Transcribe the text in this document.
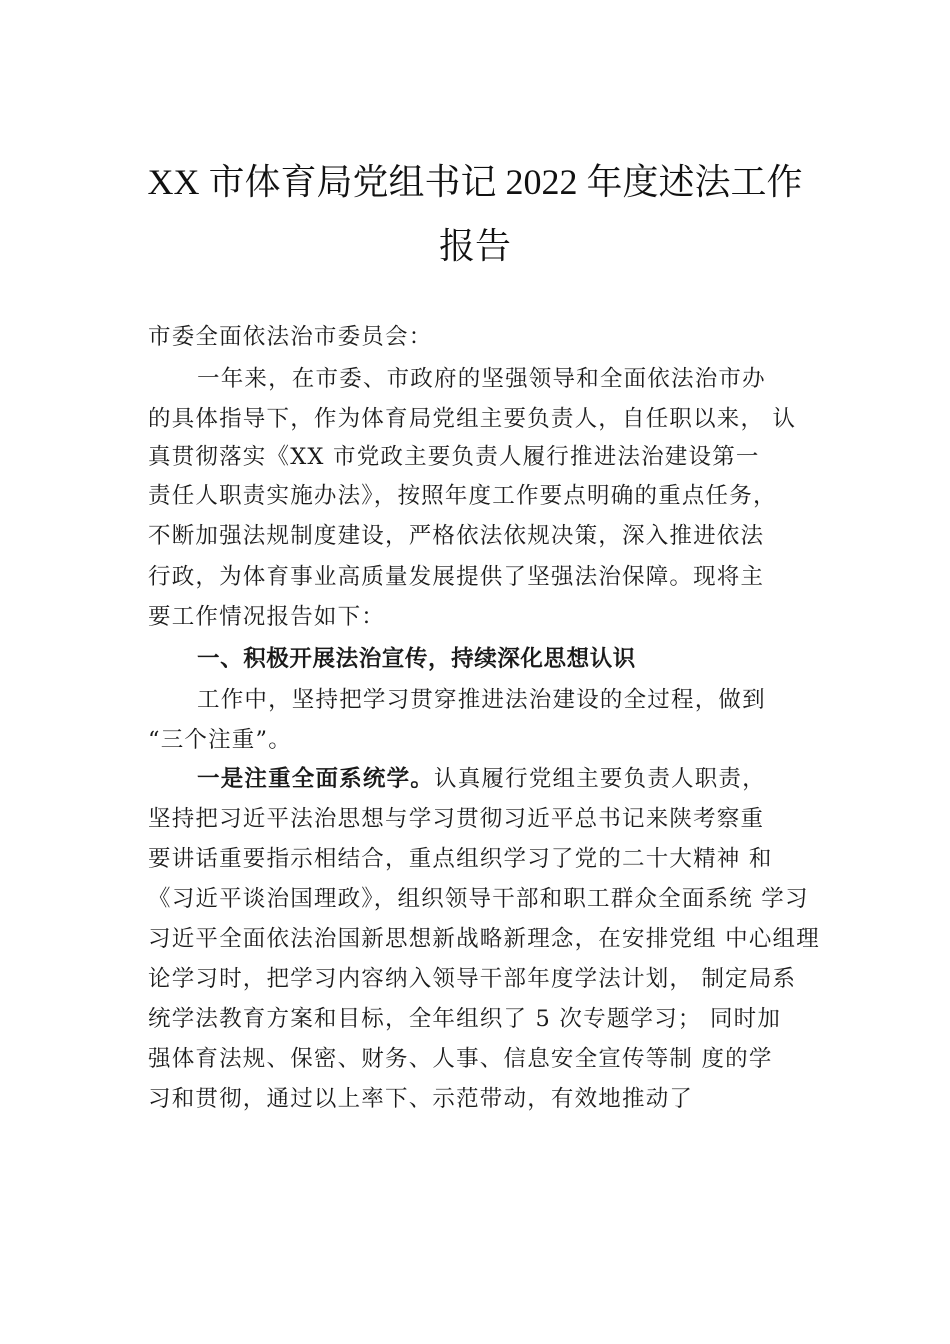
XX 市体育局党组书记 2022 年度述法工作
报告
市委全面依法治市委员会：
一年来，在市委、市政府的坚强领导和全面依法治市办
的具体指导下，作为体育局党组主要负责人，自任职以来， 认
真贯彻落实《XX 市党政主要负责人履行推进法治建设第一
责任人职责实施办法》，按照年度工作要点明确的重点任务，
不断加强法规制度建设，严格依法依规决策，深入推进依法
行政，为体育事业高质量发展提供了坚强法治保障。现将主
要工作情况报告如下：
一、积极开展法治宣传，持续深化思想认识
工作中，坚持把学习贯穿推进法治建设的全过程，做到
“三个注重”。
一是注重全面系统学。认真履行党组主要负责人职责，
坚持把习近平法治思想与学习贯彻习近平总书记来陕考察重
要讲话重要指示相结合，重点组织学习了党的二十大精神 和
《习近平谈治国理政》，组织领导干部和职工群众全面系统 学习
习近平全面依法治国新思想新战略新理念，在安排党组 中心组理
论学习时，把学习内容纳入领导干部年度学法计划， 制定局系
统学法教育方案和目标，全年组织了 5 次专题学习； 同时加
强体育法规、保密、财务、人事、信息安全宣传等制 度的学
习和贯彻，通过以上率下、示范带动，有效地推动了
